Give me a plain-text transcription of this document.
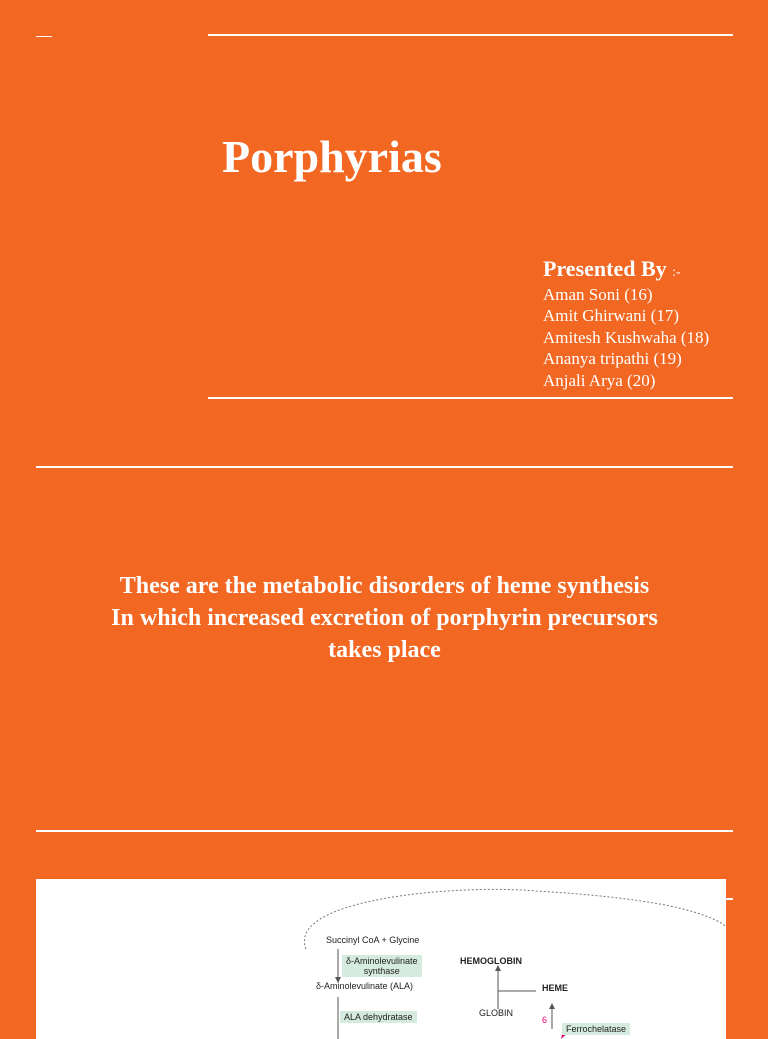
Porphyrias
Presented By :-
Aman Soni (16)
Amit Ghirwani (17)
Amitesh Kushwaha (18)
Ananya tripathi (19)
Anjali Arya (20)
These are the metabolic disorders of heme synthesis
In which increased excretion of porphyrin precursors
takes place
Succinyl CoA + Glycine
δ-Aminolevulinate
synthase
δ-Aminolevulinate (ALA)
ALA dehydratase
HEMOGLOBIN
HEME
GLOBIN
6
Ferrochelatase
